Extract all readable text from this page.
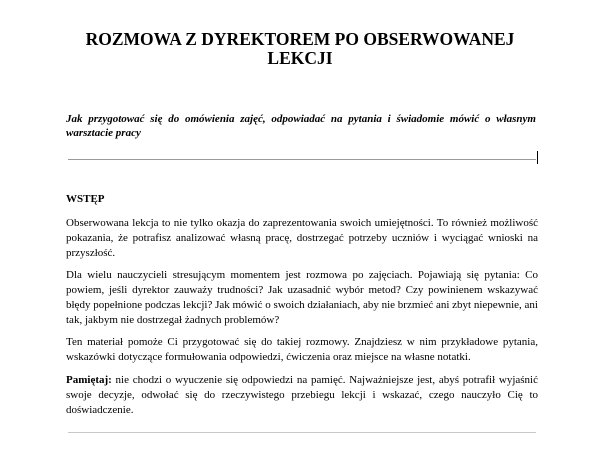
ROZMOWA Z DYREKTOREM PO OBSERWOWANEJ LEKCJI

Jak przygotować się do omówienia zajęć, odpowiadać na pytania i świadomie mówić o własnym warsztacie pracy

WSTĘP

Obserwowana lekcja to nie tylko okazja do zaprezentowania swoich umiejętności. To również możliwość pokazania, że potrafisz analizować własną pracę, dostrzegać potrzeby uczniów i wyciągać wnioski na przyszłość.

Dla wielu nauczycieli stresującym momentem jest rozmowa po zajęciach. Pojawiają się pytania: Co powiem, jeśli dyrektor zauważy trudności? Jak uzasadnić wybór metod? Czy powinienem wskazywać błędy popełnione podczas lekcji? Jak mówić o swoich działaniach, aby nie brzmieć ani zbyt niepewnie, ani tak, jakbym nie dostrzegał żadnych problemów?

Ten materiał pomoże Ci przygotować się do takiej rozmowy. Znajdziesz w nim przykładowe pytania, wskazówki dotyczące formułowania odpowiedzi, ćwiczenia oraz miejsce na własne notatki.

Pamiętaj: nie chodzi o wyuczenie się odpowiedzi na pamięć. Najważniejsze jest, abyś potrafił wyjaśnić swoje decyzje, odwołać się do rzeczywistego przebiegu lekcji i wskazać, czego nauczyło Cię to doświadczenie.
